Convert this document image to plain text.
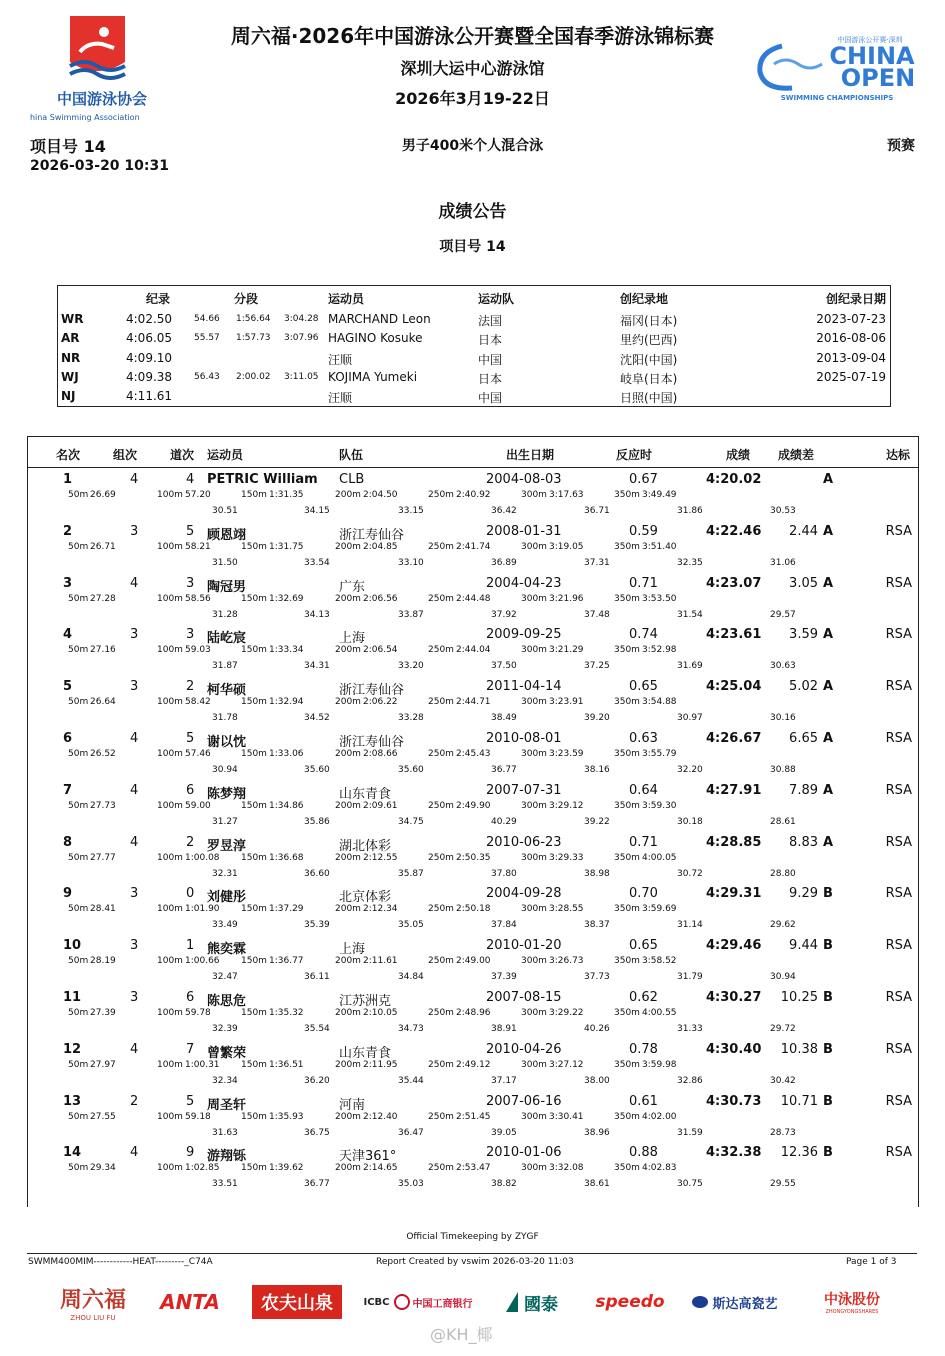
中国游泳协会
China Swimming Association
周六福·2026年中国游泳公开赛暨全国春季游泳锦标赛
深圳大运中心游泳馆
2026年3月19-22日
中国游泳公开赛·深圳
CHINA
OPEN
SWIMMING CHAMPIONSHIPS
项目号 14
2026-03-20 10:31
男子400米个人混合泳	预赛
成绩公告
项目号 14
纪录	分段	运动员	运动队	创纪录地	创纪录日期
WR	4:02.50 54.66 1:56.64 3:04.28 MARCHAND Leon	法国	福冈(日本)	2023-07-23
AR	4:06.05 55.57 1:57.73 3:07.96 HAGINO Kosuke	日本	里约(巴西)	2016-08-06
NR	4:09.10	汪顺	中国	沈阳(中国)	2013-09-04
WJ	4:09.38 56.43 2:00.02 3:11.05 KOJIMA Yumeki	日本	岐阜(日本)	2025-07-19
NJ	4:11.61	汪顺	中国	日照(中国)
名次	组次	道次 运动员	队伍	出生日期	反应时	成绩 成绩差	达标
1	4	4 PETRIC William CLB	2004-08-03	0.67	4:20.02	A
50m 26.69	100m 57.20	150m 1:31.35	200m 2:04.50	250m 2:40.92	300m 3:17.63	350m 3:49.49
30.51	34.15	33.15	36.42	36.71	31.86	30.53
2	3	5 顾恩翊	浙江寿仙谷	2008-01-31	0.59	4:22.46 2.44 A	RSA
50m 26.71	100m 58.21	150m 1:31.75	200m 2:04.85	250m 2:41.74	300m 3:19.05	350m 3:51.40
31.50	33.54	33.10	36.89	37.31	32.35	31.06
3	4	3 陶冠男	广东	2004-04-23	0.71	4:23.07 3.05 A	RSA
50m 27.28	100m 58.56	150m 1:32.69	200m 2:06.56	250m 2:44.48	300m 3:21.96	350m 3:53.50
31.28	34.13	33.87	37.92	37.48	31.54	29.57
4	3	3 陆屹宸	上海	2009-09-25	0.74	4:23.61 3.59 A	RSA
50m 27.16	100m 59.03	150m 1:33.34	200m 2:06.54	250m 2:44.04	300m 3:21.29	350m 3:52.98
31.87	34.31	33.20	37.50	37.25	31.69	30.63
5	3	2 柯华硕	浙江寿仙谷	2011-04-14	0.65	4:25.04 5.02 A	RSA
50m 26.64	100m 58.42	150m 1:32.94	200m 2:06.22	250m 2:44.71	300m 3:23.91	350m 3:54.88
31.78	34.52	33.28	38.49	39.20	30.97	30.16
6	4	5 谢以忱	浙江寿仙谷	2010-08-01	0.63	4:26.67 6.65 A	RSA
50m 26.52	100m 57.46	150m 1:33.06	200m 2:08.66	250m 2:45.43	300m 3:23.59	350m 3:55.79
30.94	35.60	35.60	36.77	38.16	32.20	30.88
7	4	6 陈梦翔	山东青食	2007-07-31	0.64	4:27.91 7.89 A	RSA
50m 27.73	100m 59.00	150m 1:34.86	200m 2:09.61	250m 2:49.90	300m 3:29.12	350m 3:59.30
31.27	35.86	34.75	40.29	39.22	30.18	28.61
8	4	2 罗昱淳	湖北体彩	2010-06-23	0.71	4:28.85 8.83 A	RSA
50m 27.77	100m 1:00.08 150m 1:36.68	200m 2:12.55	250m 2:50.35	300m 3:29.33	350m 4:00.05
32.31	36.60	35.87	37.80	38.98	30.72	28.80
9	3	0 刘健彤	北京体彩	2004-09-28	0.70	4:29.31 9.29 B	RSA
50m 28.41	100m 1:01.90 150m 1:37.29	200m 2:12.34	250m 2:50.18	300m 3:28.55	350m 3:59.69
33.49	35.39	35.05	37.84	38.37	31.14	29.62
10	3	1 熊奕霖	上海	2010-01-20	0.65	4:29.46 9.44 B	RSA
50m 28.19	100m 1:00.66 150m 1:36.77	200m 2:11.61	250m 2:49.00	300m 3:26.73	350m 3:58.52
32.47	36.11	34.84	37.39	37.73	31.79	30.94
11	3	6 陈思危	江苏洲克	2007-08-15	0.62	4:30.27 10.25 B	RSA
50m 27.39	100m 59.78	150m 1:35.32	200m 2:10.05	250m 2:48.96	300m 3:29.22	350m 4:00.55
32.39	35.54	34.73	38.91	40.26	31.33	29.72
12	4	7 曾繁荣	山东青食	2010-04-26	0.78	4:30.40 10.38 B	RSA
50m 27.97	100m 1:00.31 150m 1:36.51	200m 2:11.95	250m 2:49.12	300m 3:27.12	350m 3:59.98
32.34	36.20	35.44	37.17	38.00	32.86	30.42
13	2	5 周圣轩	河南	2007-06-16	0.61	4:30.73 10.71 B	RSA
50m 27.55	100m 59.18	150m 1:35.93	200m 2:12.40	250m 2:51.45	300m 3:30.41	350m 4:02.00
31.63	36.75	36.47	39.05	38.96	31.59	28.73
14	4	9 游翔铄	天津361°	2010-01-06	0.88	4:32.38 12.36 B	RSA
50m 29.34	100m 1:02.85 150m 1:39.62	200m 2:14.65	250m 2:53.47	300m 3:32.08	350m 4:02.83
33.51	36.77	35.03	38.82	38.61	30.75	29.55
Official Timekeeping by ZYGF
SWMM400MIM------------HEAT---------_C74A	Report Created by vswim 2026-03-20 11:03	Page 1 of 3
周六福
ZHOU LIU FU
ANTA 农夫山泉	ICBC 中国工商银行	國泰 speedo	斯达高瓷艺	中泳股份
ZHONGYONGSHARES
@KH_椰
